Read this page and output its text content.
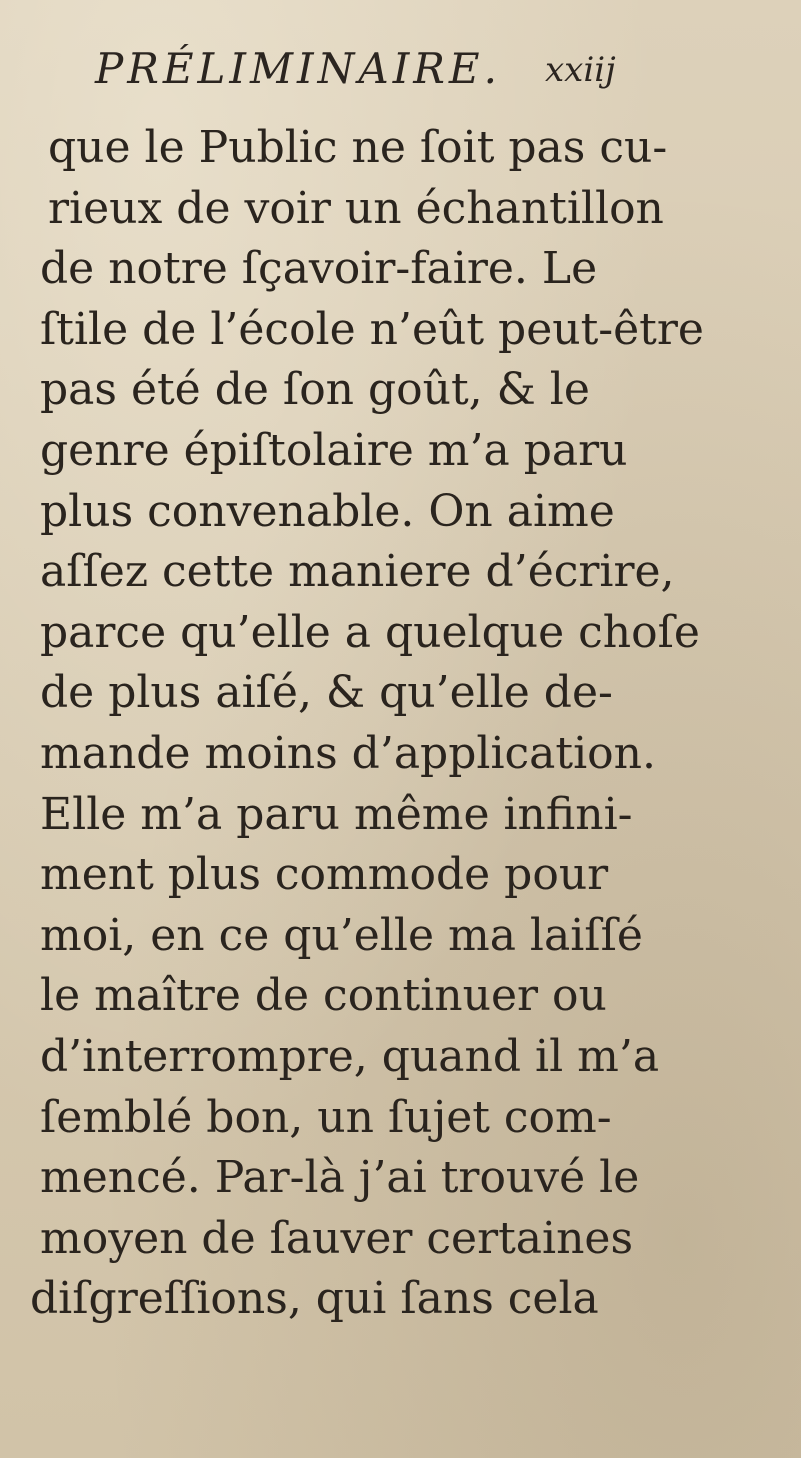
PRÉLIMINAIRE. xxiij
que le Public ne ſoit pas cu-
rieux de voir un échantillon
de notre ſçavoir-faire. Le
ſtile de l’école n’eût peut-être
pas été de ſon goût, & le
genre épiſtolaire m’a paru
plus convenable. On aime
aſſez cette maniere d’écrire,
parce qu’elle a quelque choſe
de plus aiſé, & qu’elle de-
mande moins d’application.
Elle m’a paru même infini-
ment plus commode pour
moi, en ce qu’elle ma laiſſé
le maître de continuer ou
d’interrompre, quand il m’a
ſemblé bon, un ſujet com-
mencé. Par-là j’ai trouvé le
moyen de ſauver certaines
diſgreſſions, qui ſans cela
